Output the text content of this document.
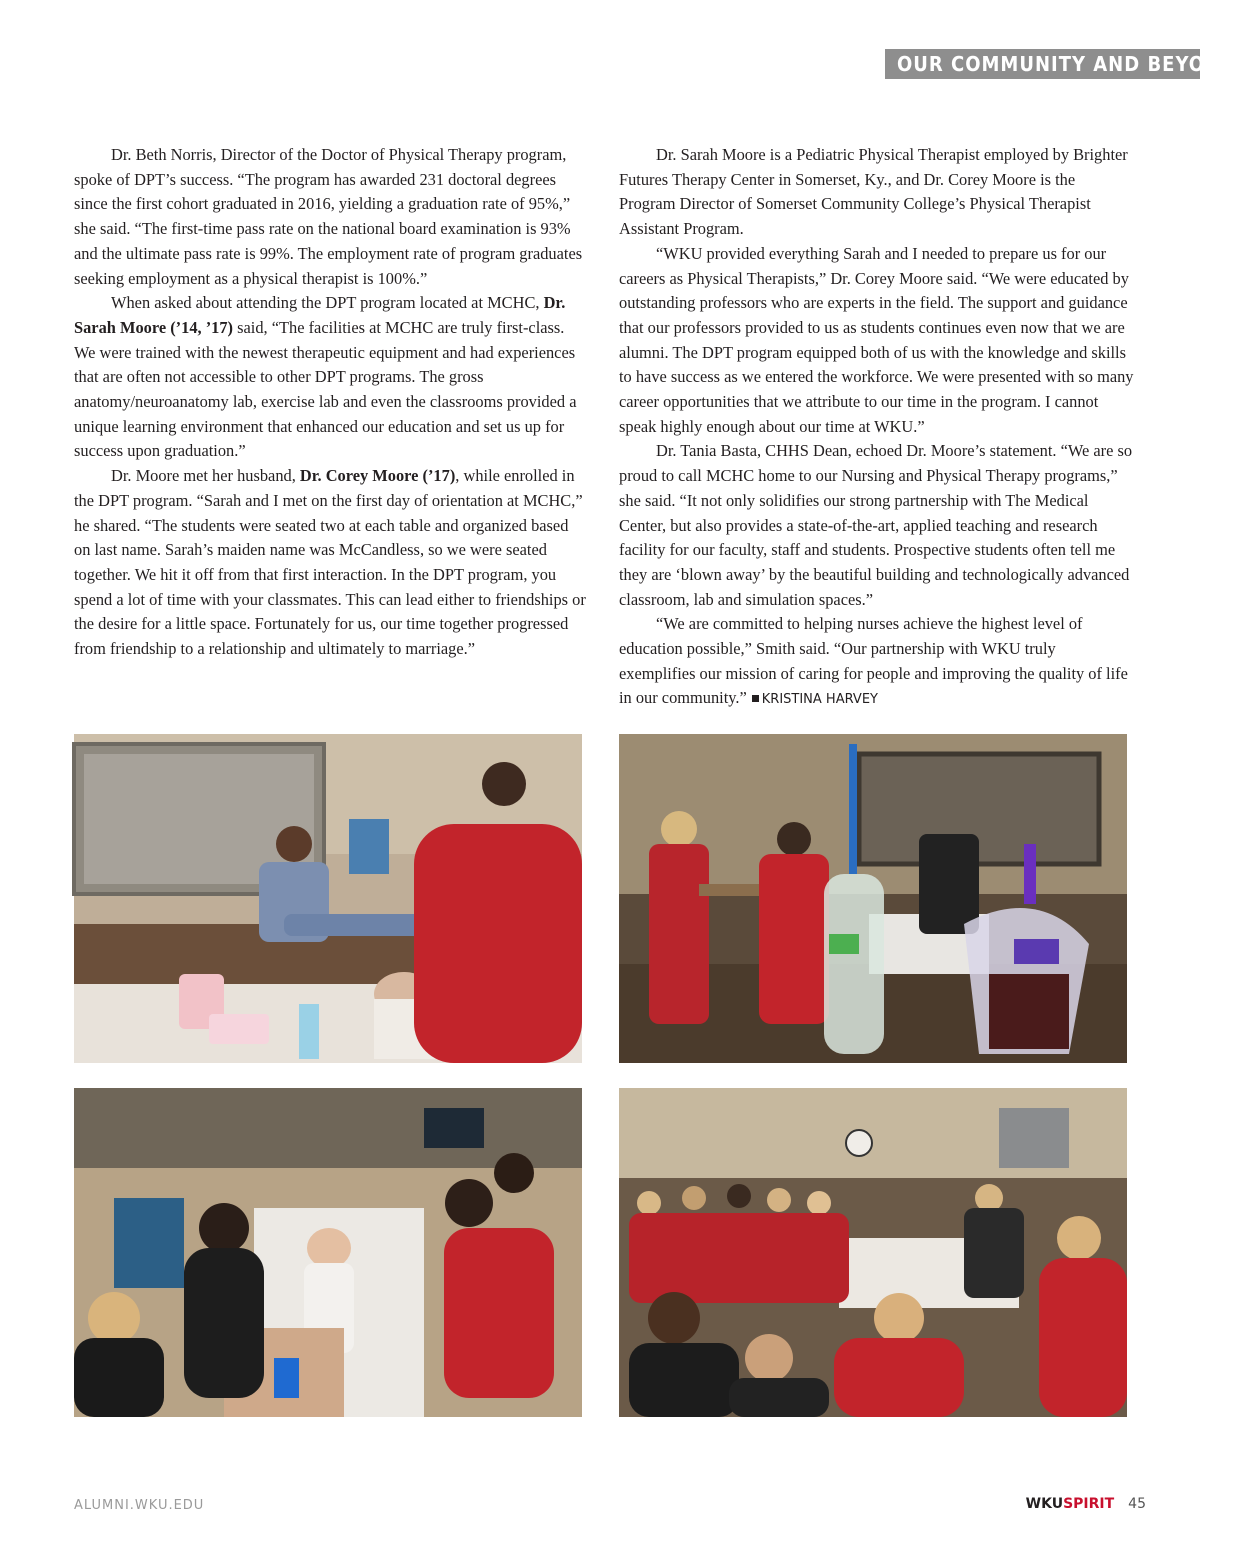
OUR COMMUNITY AND BEYOND

Dr. Beth Norris, Director of the Doctor of Physical Therapy program, spoke of DPT’s success. “The program has awarded 231 doctoral degrees since the first cohort graduated in 2016, yielding a graduation rate of 95%,” she said. “The first-time pass rate on the national board examination is 93% and the ultimate pass rate is 99%. The employment rate of program graduates seeking employment as a physical therapist is 100%.”

When asked about attending the DPT program located at MCHC, Dr. Sarah Moore (’14, ’17) said, “The facilities at MCHC are truly first-class. We were trained with the newest therapeutic equipment and had experiences that are often not accessible to other DPT programs. The gross anatomy/neuroanatomy lab, exercise lab and even the classrooms provided a unique learning environment that enhanced our education and set us up for success upon graduation.”

Dr. Moore met her husband, Dr. Corey Moore (’17), while enrolled in the DPT program. “Sarah and I met on the first day of orientation at MCHC,” he shared. “The students were seated two at each table and organized based on last name. Sarah’s maiden name was McCandless, so we were seated together. We hit it off from that first interaction. In the DPT program, you spend a lot of time with your classmates. This can lead either to friendships or the desire for a little space. Fortunately for us, our time together progressed from friendship to a relationship and ultimately to marriage.”

Dr. Sarah Moore is a Pediatric Physical Therapist employed by Brighter Futures Therapy Center in Somerset, Ky., and Dr. Corey Moore is the Program Director of Somerset Community College’s Physical Therapist Assistant Program.

“WKU provided everything Sarah and I needed to prepare us for our careers as Physical Therapists,” Dr. Corey Moore said. “We were educated by outstanding professors who are experts in the field. The support and guidance that our professors provided to us as students continues even now that we are alumni. The DPT program equipped both of us with the knowledge and skills to have success as we entered the workforce. We were presented with so many career opportunities that we attribute to our time in the program. I cannot speak highly enough about our time at WKU.”

Dr. Tania Basta, CHHS Dean, echoed Dr. Moore’s statement. “We are so proud to call MCHC home to our Nursing and Physical Therapy programs,” she said. “It not only solidifies our strong partnership with The Medical Center, but also provides a state-of-the-art, applied teaching and research facility for our faculty, staff and students. Prospective students often tell me they are ‘blown away’ by the beautiful building and technologically advanced classroom, lab and simulation spaces.”

“We are committed to helping nurses achieve the highest level of education possible,” Smith said. “Our partnership with WKU truly exemplifies our mission of caring for people and improving the quality of life in our community.” KRISTINA HARVEY

ALUMNI.WKU.EDU	WKUSPIRIT 45
